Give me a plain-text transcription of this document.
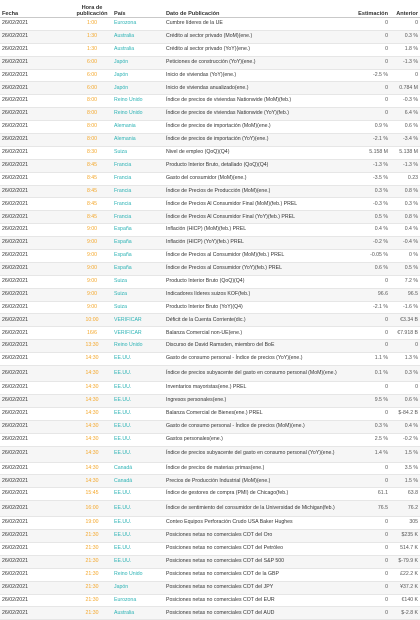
Fecha	Hora de publicación	País	Dato de Publicación	Estimación	Anterior
26/02/2021	1:00	Eurozona	Cumbre líderes de la UE	0	0
26/02/2021	1:30	Australia	Crédito al sector privado (MoM)(ene.)	0	0.3 %
26/02/2021	1:30	Australia	Crédito al sector privado (YoY)(ene.)	0	1.8 %
26/02/2021	6:00	Japón	Peticiones de construcción (YoY)(ene.)	0	-1.3 %
26/02/2021	6:00	Japón	Inicio de viviendas (YoY)(ene.)	-2.5 %	0
26/02/2021	6:00	Japón	Inicio de viviendas anualizado(ene.)	0	0.784 M
26/02/2021	8:00	Reino Unido	Índice de precios de viviendas Nationwide (MoM)(feb.)	0	-0.3 %
26/02/2021	8:00	Reino Unido	Índice de precios de viviendas Nationwide (YoY)(feb.)	0	6.4 %
26/02/2021	8:00	Alemania	Índice de precios de importación (MoM)(ene.)	0.9 %	0.6 %
26/02/2021	8:00	Alemania	Índice de precios de importación (YoY)(ene.)	-2.1 %	-3.4 %
26/02/2021	8:30	Suiza	Nivel de empleo (QoQ)(Q4)	5.158 M	5.138 M
26/02/2021	8:45	Francia	Producto Interior Bruto, detallado (QoQ)(Q4)	-1.3 %	-1.3 %
26/02/2021	8:45	Francia	Gasto del consumidor (MoM)(ene.)	-3.5 %	0.23
26/02/2021	8:45	Francia	Índice de Precios de Producción (MoM)(ene.)	0.3 %	0.8 %
26/02/2021	8:45	Francia	Índice de Precios Al Consumidor Final (MoM)(feb.) PREL	-0.3 %	0.3 %
26/02/2021	8:45	Francia	Índice de Precios Al Consumidor Final (YoY)(feb.) PREL	0.5 %	0.8 %
26/02/2021	9:00	España	Inflación (HICP) (MoM)(feb.) PREL	0.4 %	0.4 %
26/02/2021	9:00	España	Inflación (HICP) (YoY)(feb.) PREL	-0.2 %	-0.4 %
26/02/2021	9:00	España	Índice de Precios al Consumidor (MoM)(feb.) PREL	-0.05 %	0 %
26/02/2021	9:00	España	Índice de Precios al Consumidor (YoY)(feb.) PREL	0.6 %	0.5 %
26/02/2021	9:00	Suiza	Producto Interior Bruto (QoQ)(Q4)	0	7.2 %
26/02/2021	9:00	Suiza	Indicadores líderes suizos KOF(feb.)	96.6	96.5
26/02/2021	9:00	Suiza	Producto Interior Bruto (YoY)(Q4)	-2.1 %	-1.6 %
26/02/2021	10:00	VERIFICAR	Déficit de la Cuenta Corriente(dic.)	0	€3.34 B
26/02/2021	16/6	VERIFICAR	Balanza Comercial non-UE(ene.)	0	€7.918 B
26/02/2021	13:30	Reino Unido	Discurso de David Ramsden, miembro del BoE	0	0
26/02/2021	14:30	EE.UU.	Gasto de consumo personal - Índice de precios (YoY)(ene.)	1.1 %	1.3 %
26/02/2021	14:30	EE.UU.	Índice de precios subyacente del gasto en consumo personal (MoM)(ene.)	0.1 %	0.3 %
26/02/2021	14:30	EE.UU.	Inventarios mayoristas(ene.) PREL	0	0
26/02/2021	14:30	EE.UU.	Ingresos personales(ene.)	9.5 %	0.6 %
26/02/2021	14:30	EE.UU.	Balanza Comercial de Bienes(ene.) PREL	0	$-84.2 B
26/02/2021	14:30	EE.UU.	Gasto de consumo personal - Índice de precios (MoM)(ene.)	0.3 %	0.4 %
26/02/2021	14:30	EE.UU.	Gastos personales(ene.)	2.5 %	-0.2 %
26/02/2021	14:30	EE.UU.	Índice de precios subyacente del gasto en consumo personal (YoY)(ene.)	1.4 %	1.5 %
26/02/2021	14:30	Canadá	Índice de precios de materias primas(ene.)	0	3.5 %
26/02/2021	14:30	Canadá	Precios de Producción Industrial (MoM)(ene.)	0	1.5 %
26/02/2021	15:45	EE.UU.	Índice de gestores de compra (PMI) de Chicago(feb.)	61.1	63.8
26/02/2021	16:00	EE.UU.	Índice de sentimiento del consumidor de la Universidad de Michigan(feb.)	76.5	76.2
26/02/2021	19:00	EE.UU.	Conteo Equipos Perforación Crudo USA Baker Hughes	0	305
26/02/2021	21:30	EE.UU.	Posiciones netas no comerciales COT del Oro	0	$235 K
26/02/2021	21:30	EE.UU.	Posiciones netas no comerciales COT del Petróleo	0	514.7 K
26/02/2021	21:30	EE.UU.	Posiciones netas no comerciales COT del S&P 500	0	$-79.9 K
26/02/2021	21:30	Reino Unido	Posiciones netas no comerciales COT de la GBP	0	£22.2 K
26/02/2021	21:30	Japón	Posiciones netas no comerciales COT del JPY	0	¥37.2 K
26/02/2021	21:30	Eurozona	Posiciones netas no comerciales COT del EUR	0	€140 K
26/02/2021	21:30	Australia	Posiciones netas no comerciales COT del AUD	0	$-2.8 K
